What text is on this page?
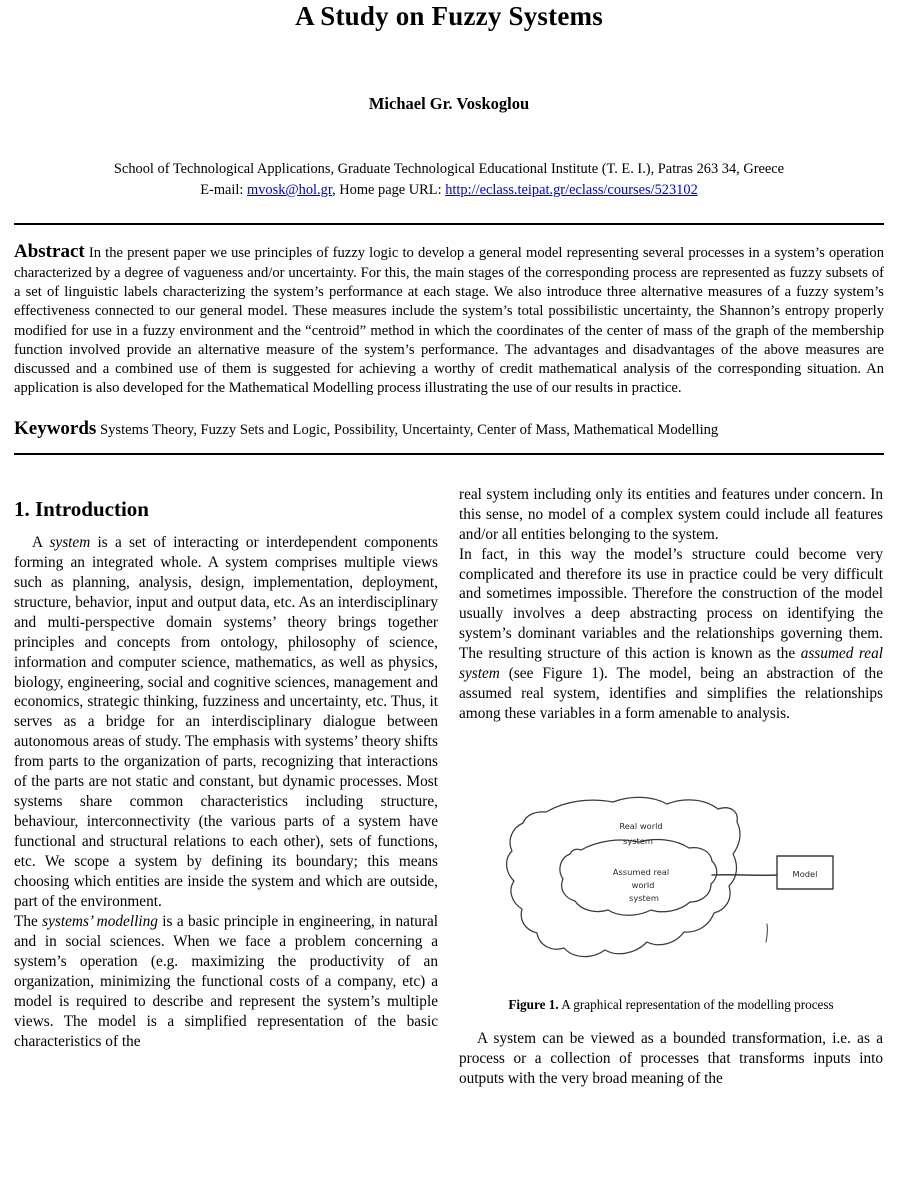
A Study on Fuzzy Systems

Michael Gr. Voskoglou

School of Technological Applications, Graduate Technological Educational Institute (T. E. I.), Patras 263 34, Greece

E-mail: mvosk@hol.gr, Home page URL: http://eclass.teipat.gr/eclass/courses/523102

Abstract In the present paper we use principles of fuzzy logic to develop a general model representing several processes in a system’s operation characterized by a degree of vagueness and/or uncertainty. For this, the main stages of the corresponding process are represented as fuzzy subsets of a set of linguistic labels characterizing the system’s performance at each stage. We also introduce three alternative measures of a fuzzy system’s effectiveness connected to our general model. These measures include the system’s total possibilistic uncertainty, the Shannon’s entropy properly modified for use in a fuzzy environment and the “centroid” method in which the coordinates of the center of mass of the graph of the membership function involved provide an alternative measure of the system’s performance. The advantages and disadvantages of the above measures are discussed and a combined use of them is suggested for achieving a worthy of credit mathematical analysis of the corresponding situation. An application is also developed for the Mathematical Modelling process illustrating the use of our results in practice.

Keywords Systems Theory, Fuzzy Sets and Logic, Possibility, Uncertainty, Center of Mass, Mathematical Modelling

1. Introduction

A system is a set of interacting or interdependent components forming an integrated whole. A system comprises multiple views such as planning, analysis, design, implementation, deployment, structure, behavior, input and output data, etc. As an interdisciplinary and multi-perspective domain systems’ theory brings together principles and concepts from ontology, philosophy of science, information and computer science, mathematics, as well as physics, biology, engineering, social and cognitive sciences, management and economics, strategic thinking, fuzziness and uncertainty, etc. Thus, it serves as a bridge for an interdisciplinary dialogue between autonomous areas of study. The emphasis with systems’ theory shifts from parts to the organization of parts, recognizing that interactions of the parts are not static and constant, but dynamic processes. Most systems share common characteristics including structure, behaviour, interconnectivity (the various parts of a system have functional and structural relations to each other), sets of functions, etc. We scope a system by defining its boundary; this means choosing which entities are inside the system and which are outside, part of the environment.

The systems’ modelling is a basic principle in engineering, in natural and in social sciences. When we face a problem concerning a system’s operation (e.g. maximizing the productivity of an organization, minimizing the functional costs of a company, etc) a model is required to describe and represent the system’s multiple views. The model is a simplified representation of the basic characteristics of the

real system including only its entities and features under concern. In this sense, no model of a complex system could include all features and/or all entities belonging to the system.

In fact, in this way the model’s structure could become very complicated and therefore its use in practice could be very difficult and sometimes impossible. Therefore the construction of the model usually involves a deep abstracting process on identifying the system’s dominant variables and the relationships governing them. The resulting structure of this action is known as the assumed real system (see Figure 1). The model, being an abstraction of the assumed real system, identifies and simplifies the relationships among these variables in a form amenable to analysis.

Real world
system
Assumed real
world
system
Model

Figure 1. A graphical representation of the modelling process

A system can be viewed as a bounded transformation, i.e. as a process or a collection of processes that transforms inputs into outputs with the very broad meaning of the
